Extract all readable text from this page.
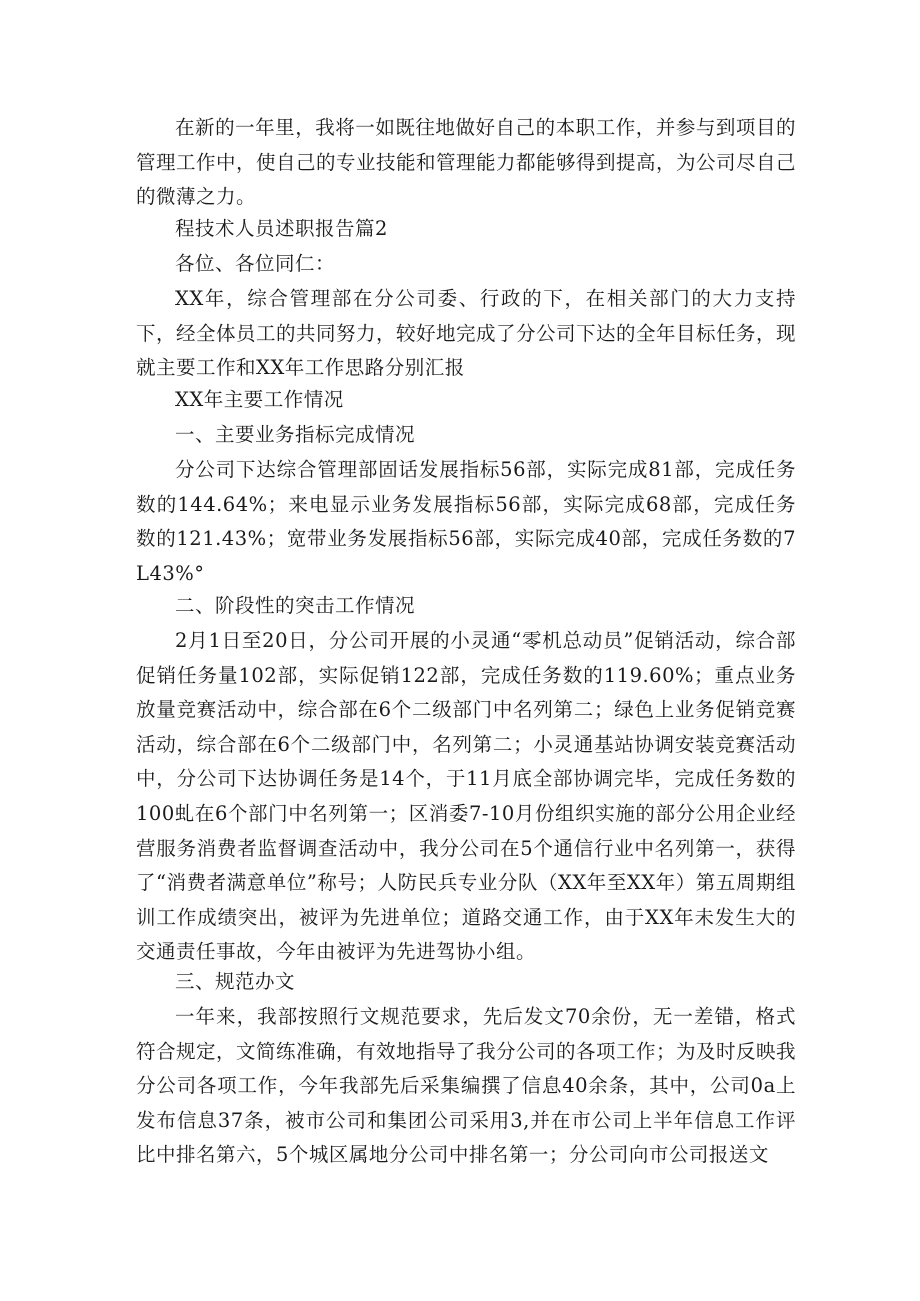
在新的一年里，我将一如既往地做好自己的本职工作，并参与到项目的管理工作中，使自己的专业技能和管理能力都能够得到提高，为公司尽自己的微薄之力。

程技术人员述职报告篇2

各位、各位同仁：

XX年，综合管理部在分公司委、行政的下，在相关部门的大力支持下，经全体员工的共同努力，较好地完成了分公司下达的全年目标任务，现就主要工作和XX年工作思路分别汇报

XX年主要工作情况

一、主要业务指标完成情况

分公司下达综合管理部固话发展指标56部，实际完成81部，完成任务数的144.64%；来电显示业务发展指标56部，实际完成68部，完成任务数的121.43%；宽带业务发展指标56部，实际完成40部，完成任务数的7L43%°

二、阶段性的突击工作情况

2月1日至20日，分公司开展的小灵通“零机总动员”促销活动，综合部促销任务量102部，实际促销122部，完成任务数的119.60%；重点业务放量竞赛活动中，综合部在6个二级部门中名列第二；绿色上业务促销竞赛活动，综合部在6个二级部门中，名列第二；小灵通基站协调安装竞赛活动中，分公司下达协调任务是14个，于11月底全部协调完毕，完成任务数的100虬在6个部门中名列第一；区消委7-10月份组织实施的部分公用企业经营服务消费者监督调查活动中，我分公司在5个通信行业中名列第一，获得了“消费者满意单位”称号；人防民兵专业分队（XX年至XX年）第五周期组训工作成绩突出，被评为先进单位；道路交通工作，由于XX年未发生大的交通责任事故，今年由被评为先进驾协小组。

三、规范办文

一年来，我部按照行文规范要求，先后发文70余份，无一差错，格式符合规定，文简练准确，有效地指导了我分公司的各项工作；为及时反映我分公司各项工作，今年我部先后采集编撰了信息40余条，其中，公司0a上发布信息37条，被市公司和集团公司采用3,并在市公司上半年信息工作评比中排名第六，5个城区属地分公司中排名第一；分公司向市公司报送文
